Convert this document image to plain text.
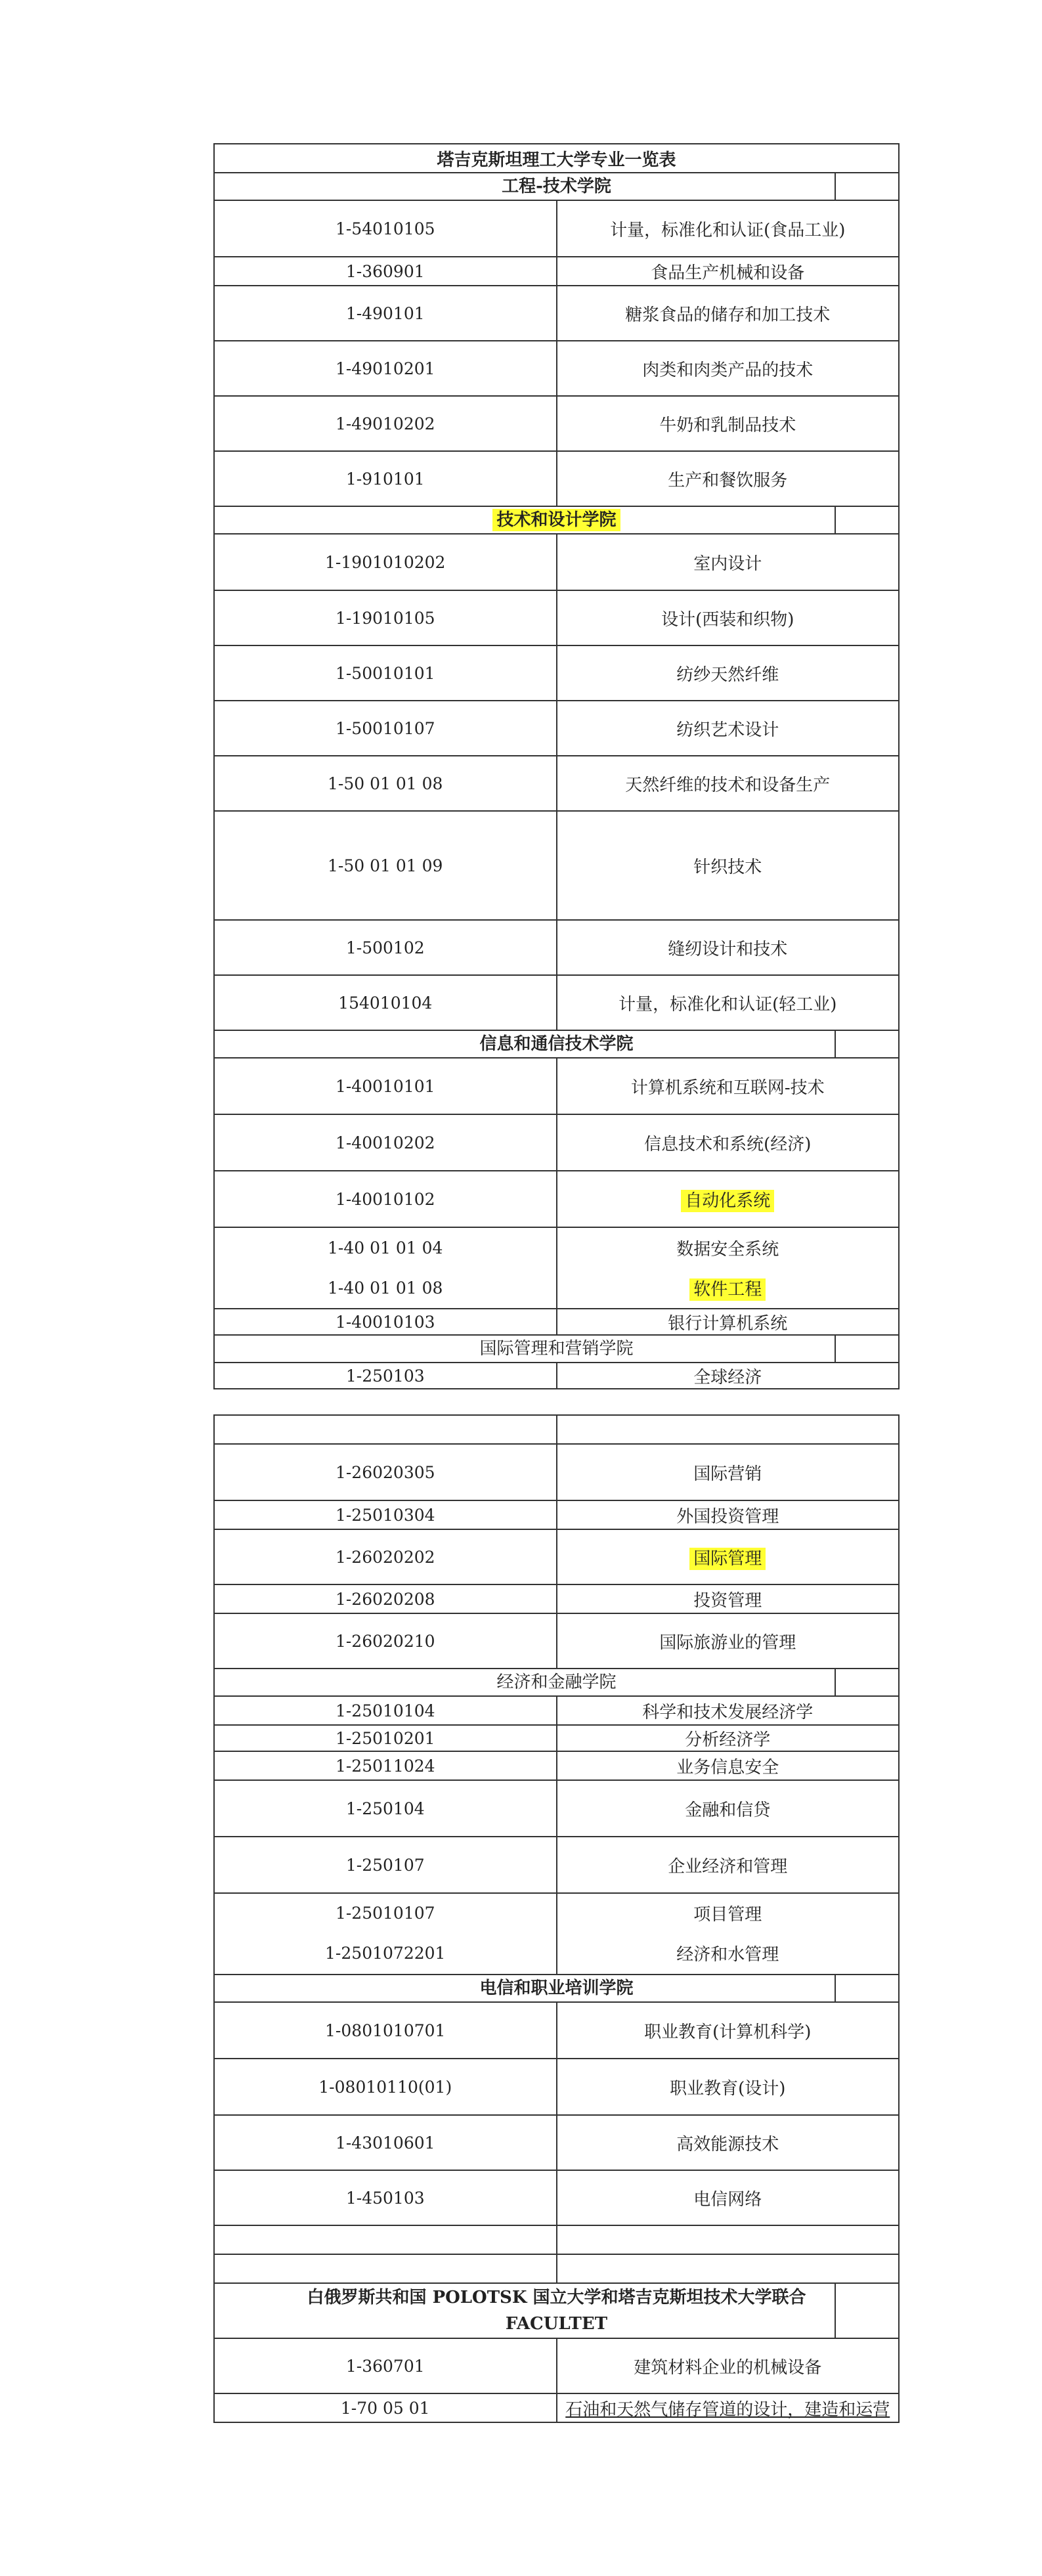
塔吉克斯坦理工大学专业一览表	
工程-技术学院	

1-54010105	计量，标准化和认证(食品工业)
1-360901	食品生产机械和设备
1-490101	糖浆食品的储存和加工技术
1-49010201	肉类和肉类产品的技术
1-49010202	牛奶和乳制品技术
1-910101	生产和餐饮服务
技术和设计学院	

1-1901010202	室内设计
1-19010105	设计(西装和织物)
1-50010101	纺纱天然纤维
1-50010107	纺织艺术设计
1-50 01 01 08	天然纤维的技术和设备生产
1-50 01 01 09	针织技术
1-500102	缝纫设计和技术
154010104	计量，标准化和认证(轻工业)
信息和通信技术学院	

1-40010101	计算机系统和互联网-技术
1-40010202	信息技术和系统(经济)
1-40010102	自动化系统
1-40 01 01 04	数据安全系统
1-40 01 01 08	软件工程
1-40010103	银行计算机系统
国际管理和营销学院	

1-250103	全球经济

1-26020305	国际营销
1-25010304	外国投资管理
1-26020202	国际管理
1-26020208	投资管理
1-26020210	国际旅游业的管理
经济和金融学院	

1-25010104	科学和技术发展经济学
1-25010201	分析经济学
1-25011024	业务信息安全
1-250104	金融和信贷
1-250107	企业经济和管理
1-25010107	项目管理
1-2501072201	经济和水管理
电信和职业培训学院	

1-0801010701	职业教育(计算机科学)
1-08010110(01)	职业教育(设计)
1-43010601	高效能源技术
1-450103	电信网络

白俄罗斯共和国 POLOTSK 国立大学和塔吉克斯坦技术大学联合
FACULTET	

1-360701	建筑材料企业的机械设备
1-70 05 01	石油和天然气储存管道的设计，建造和运营
